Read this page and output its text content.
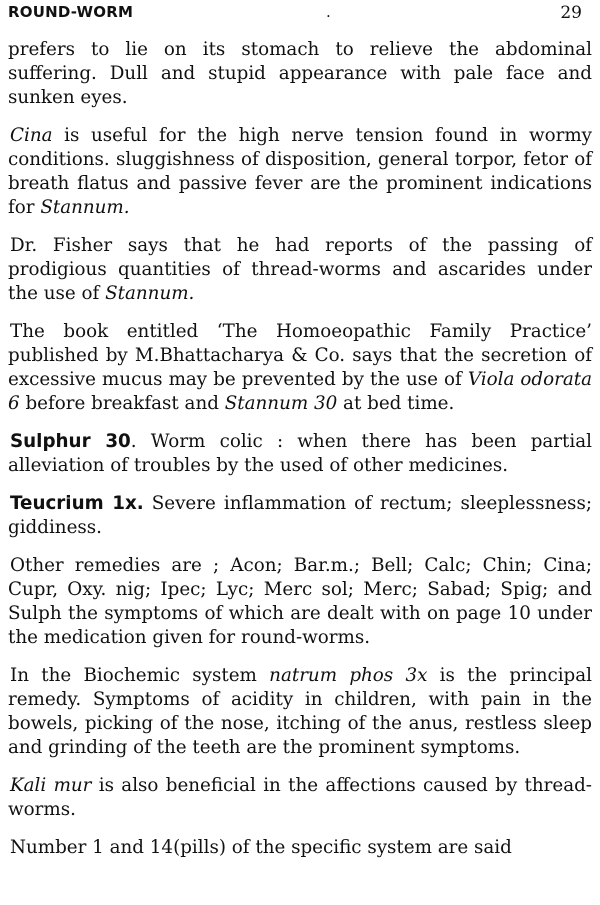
ROUND-WORM	.	29

prefers to lie on its stomach to relieve the abdominal suffering. Dull and stupid appearance with pale face and sunken eyes.

Cina is useful for the high nerve tension found in wormy conditions. sluggishness of disposition, general torpor, fetor of breath flatus and passive fever are the prominent indications for Stannum.

Dr. Fisher says that he had reports of the passing of prodigious quantities of thread-worms and ascarides under the use of Stannum.

The book entitled ‘The Homoeopathic Family Practice’ published by M.Bhattacharya & Co. says that the secretion of excessive mucus may be prevented by the use of Viola odorata 6 before breakfast and Stannum 30 at bed time.

Sulphur 30. Worm colic : when there has been partial alleviation of troubles by the used of other medicines.

Teucrium 1x. Severe inflammation of rectum; sleeplessness; giddiness.

Other remedies are ; Acon; Bar.m.; Bell; Calc; Chin; Cina; Cupr, Oxy. nig; Ipec; Lyc; Merc sol; Merc; Sabad; Spig; and Sulph the symptoms of which are dealt with on page 10 under the medication given for round-worms.

In the Biochemic system natrum phos 3x is the principal remedy. Symptoms of acidity in children, with pain in the bowels, picking of the nose, itching of the anus, restless sleep and grinding of the teeth are the prominent symptoms.

Kali mur is also beneficial in the affections caused by thread-worms.

Number 1 and 14(pills) of the specific system are said
